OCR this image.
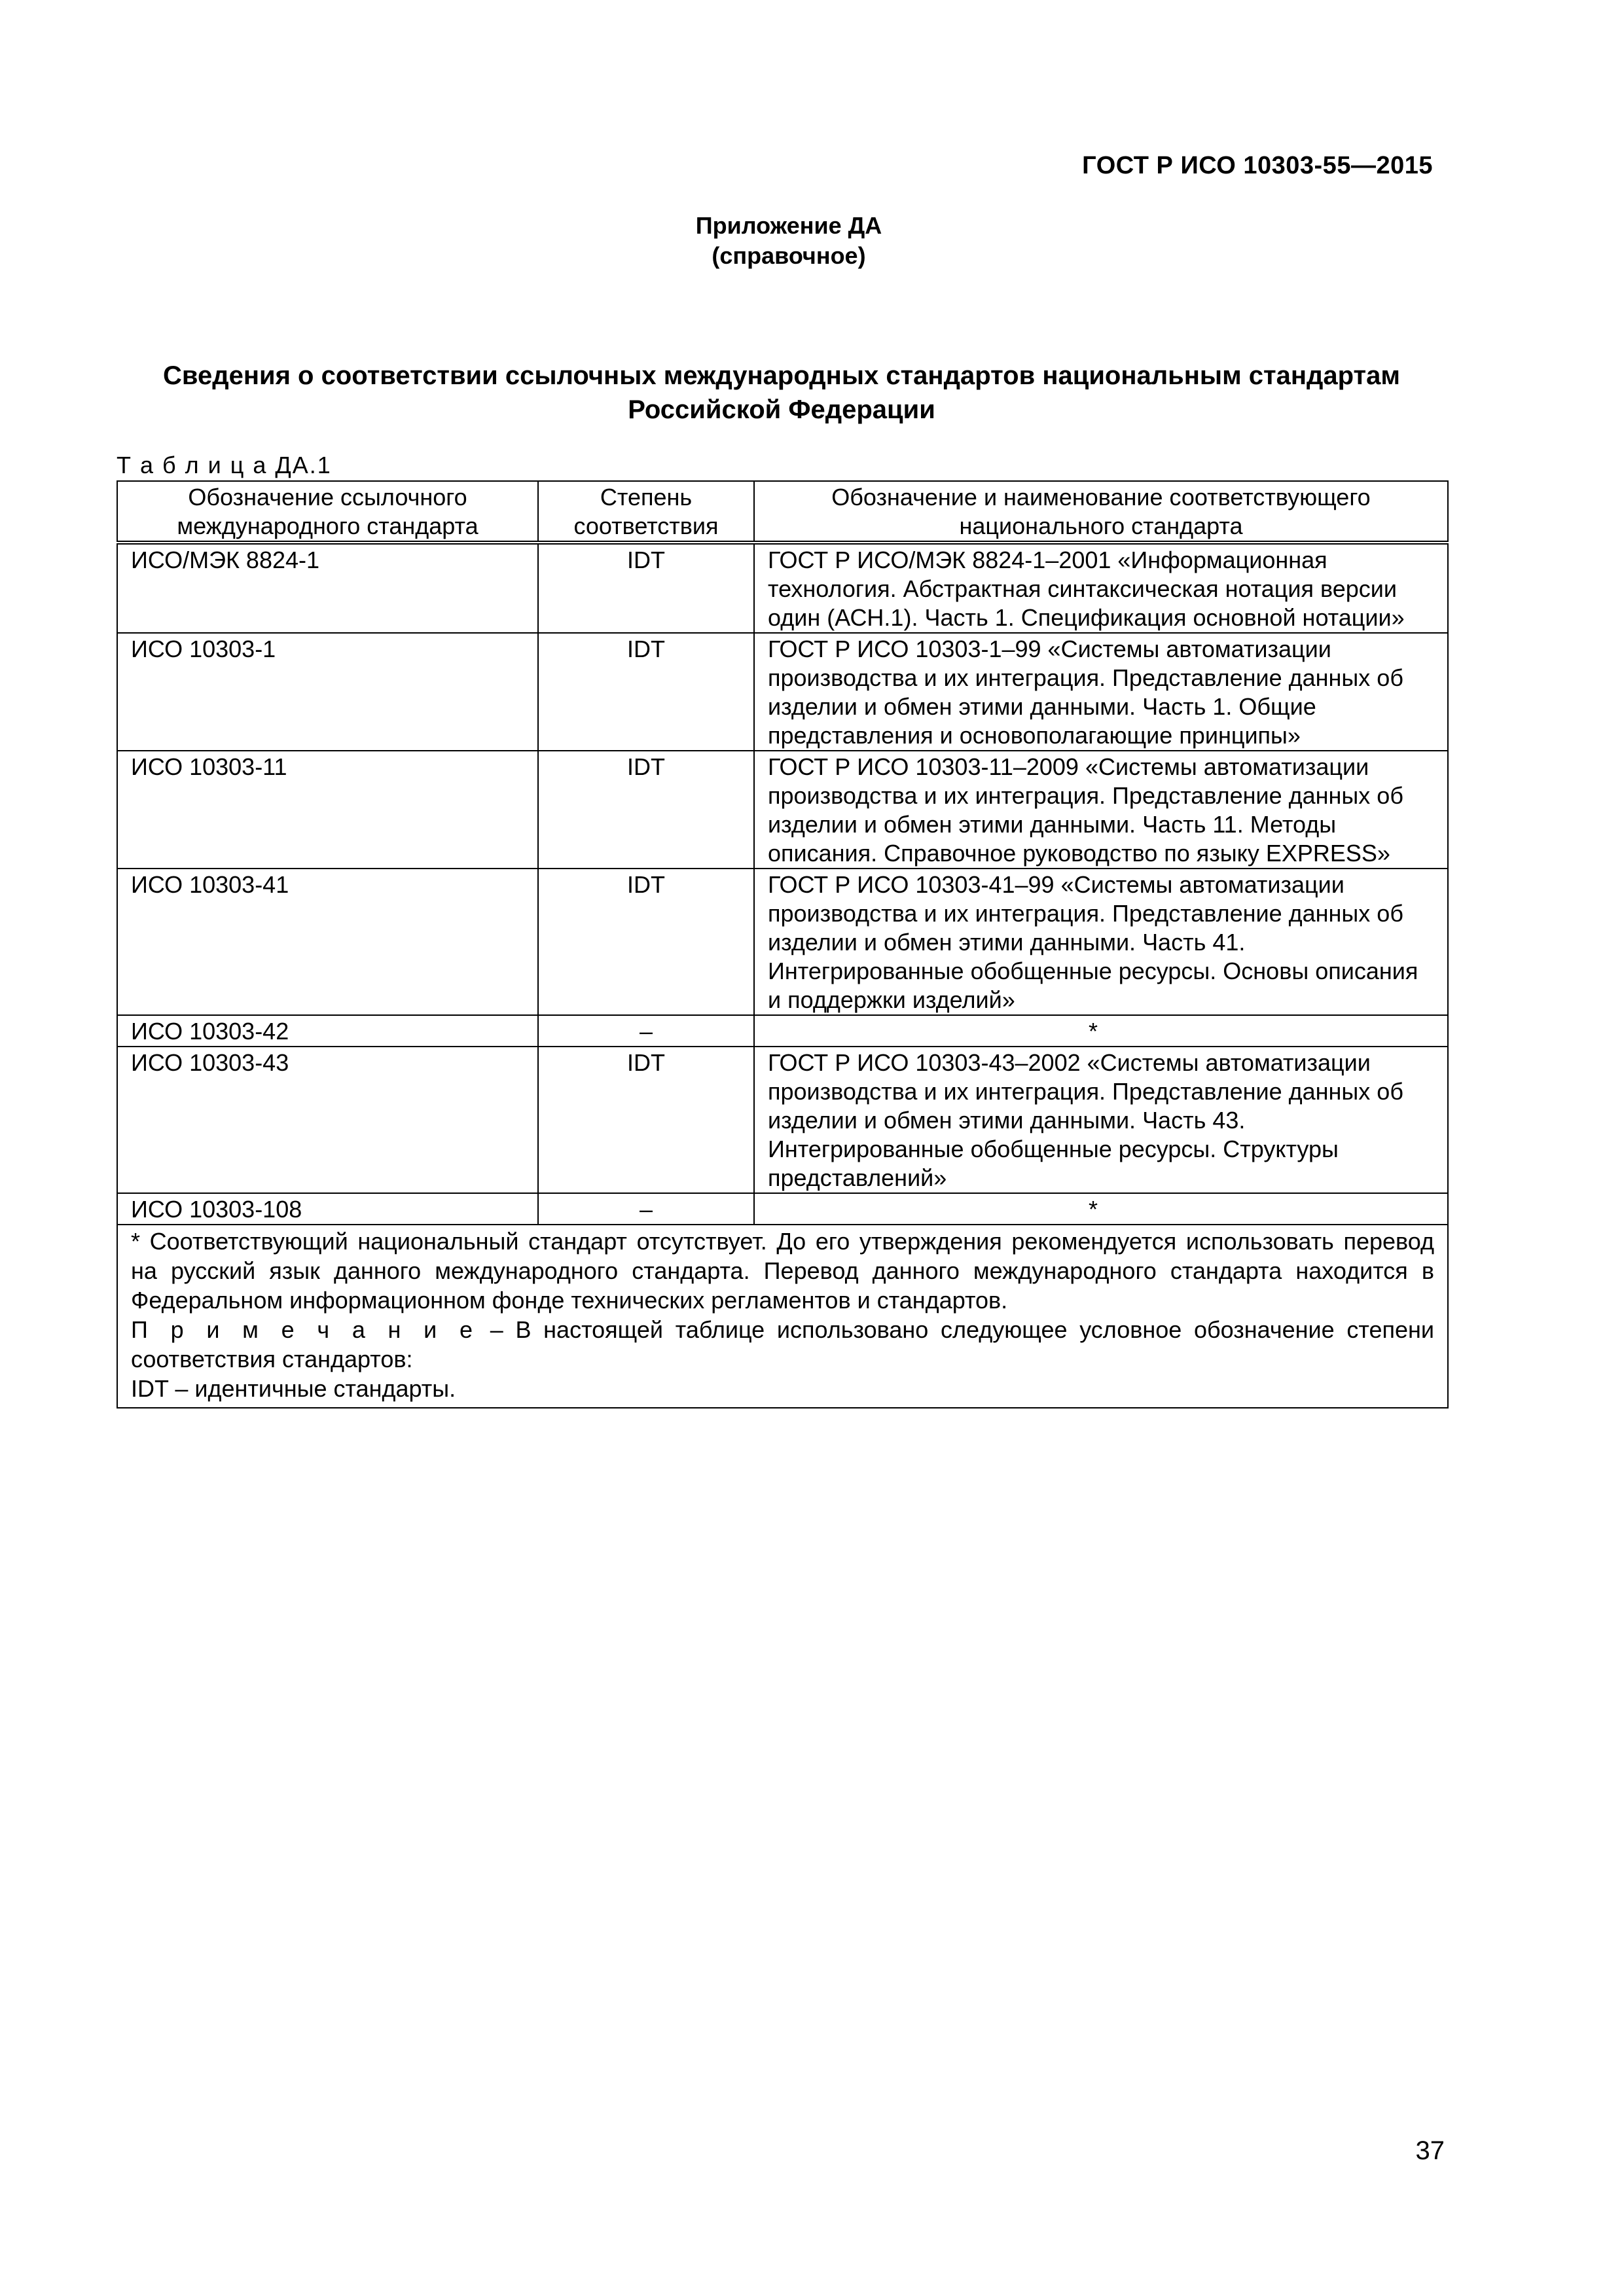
ГОСТ Р ИСО 10303-55—2015
Приложение ДА
(справочное)
Сведения о соответствии ссылочных международных стандартов национальным стандартам
Российской Федерации
Т а б л и ц а ДА.1
Обозначение ссылочного международного стандарта	Степень соответствия	Обозначение и наименование соответствующего национального стандарта
ИСО/МЭК 8824-1	IDT	ГОСТ Р ИСО/МЭК 8824-1–2001 «Информационная технология. Абстрактная синтаксическая нотация версии один (АСН.1). Часть 1. Спецификация основной нотации»
ИСО 10303-1	IDT	ГОСТ Р ИСО 10303-1–99 «Системы автоматизации производства и их интеграция. Представление данных об изделии и обмен этими данными. Часть 1. Общие представления и основополагающие принципы»
ИСО 10303-11	IDT	ГОСТ Р ИСО 10303-11–2009 «Системы автоматизации производства и их интеграция. Представление данных об изделии и обмен этими данными. Часть 11. Методы описания. Справочное руководство по языку EXPRESS»
ИСО 10303-41	IDT	ГОСТ Р ИСО 10303-41–99 «Системы автоматизации производства и их интеграция. Представление данных об изделии и обмен этими данными. Часть 41. Интегрированные обобщенные ресурсы. Основы описания и поддержки изделий»
ИСО 10303-42	–	*
ИСО 10303-43	IDT	ГОСТ Р ИСО 10303-43–2002 «Системы автоматизации производства и их интеграция. Представление данных об изделии и обмен этими данными. Часть 43. Интегрированные обобщенные ресурсы. Структуры представлений»
ИСО 10303-108	–	*

* Соответствующий национальный стандарт отсутствует. До его утверждения рекомендуется использовать перевод на русский язык данного международного стандарта. Перевод данного международного стандарта находится в Федеральном информационном фонде технических регламентов и стандартов.
П р и м е ч а н и е – В настоящей таблице использовано следующее условное обозначение степени соответствия стандартов:
IDT – идентичные стандарты.		
37
